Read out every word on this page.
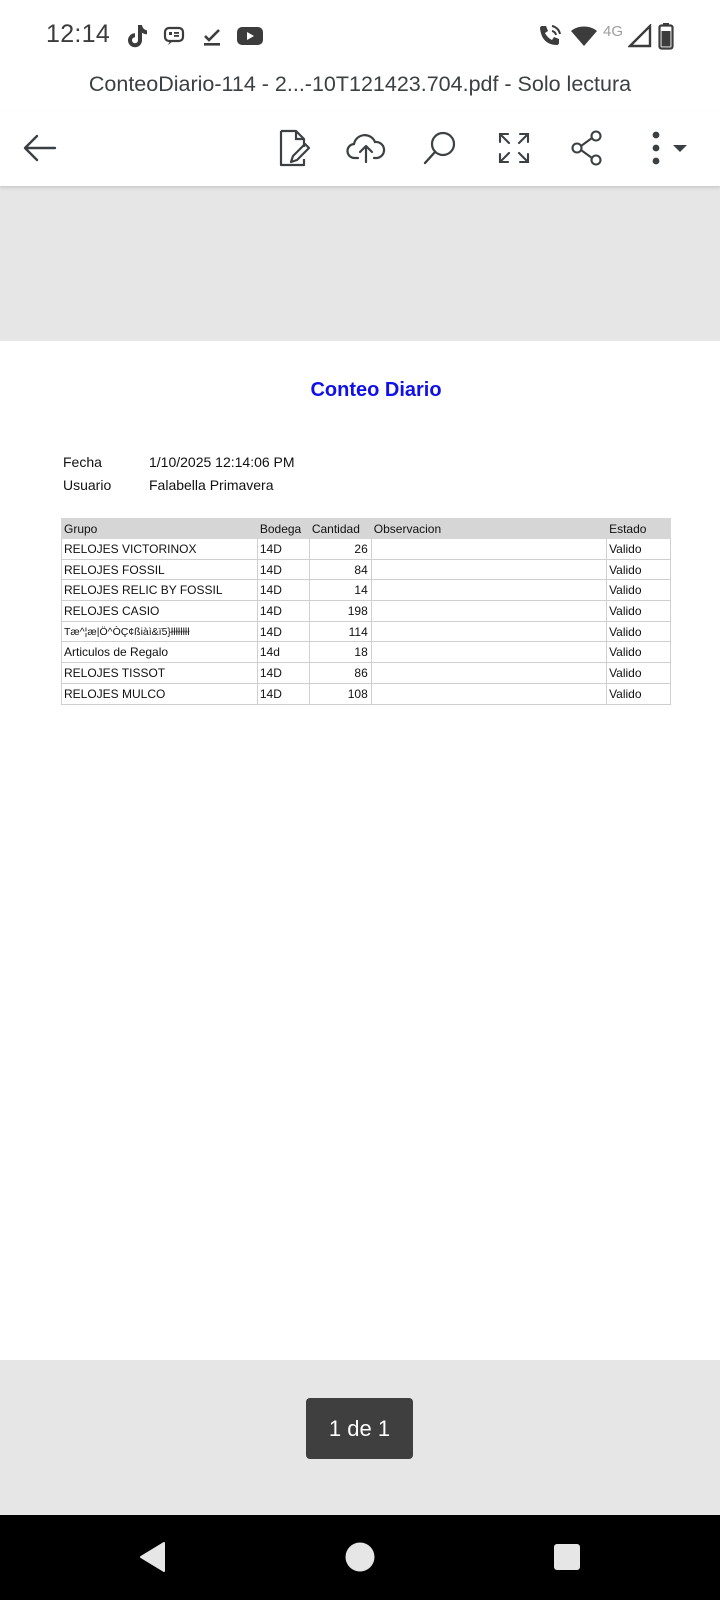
12:14	4G
ConteoDiario-114 - 2...-10T121423.704.pdf - Solo lectura
Conteo Diario
Fecha	1/10/2025 12:14:06 PM
Usuario	Falabella Primavera
Grupo	Bodega	Cantidad	Observacion	Estado
RELOJES VICTORINOX	14D	26		Valido
RELOJES FOSSIL	14D	84		Valido
RELOJES RELIC BY FOSSIL	14D	14		Valido
RELOJES CASIO	14D	198		Valido
Tæ^¦æ|Ö^ÒÇ¢ßiàì&ï5}łłłłłłłł	14D	114		Valido
Articulos de Regalo	14d	18		Valido
RELOJES TISSOT	14D	86		Valido
RELOJES MULCO	14D	108		Valido
1 de 1
